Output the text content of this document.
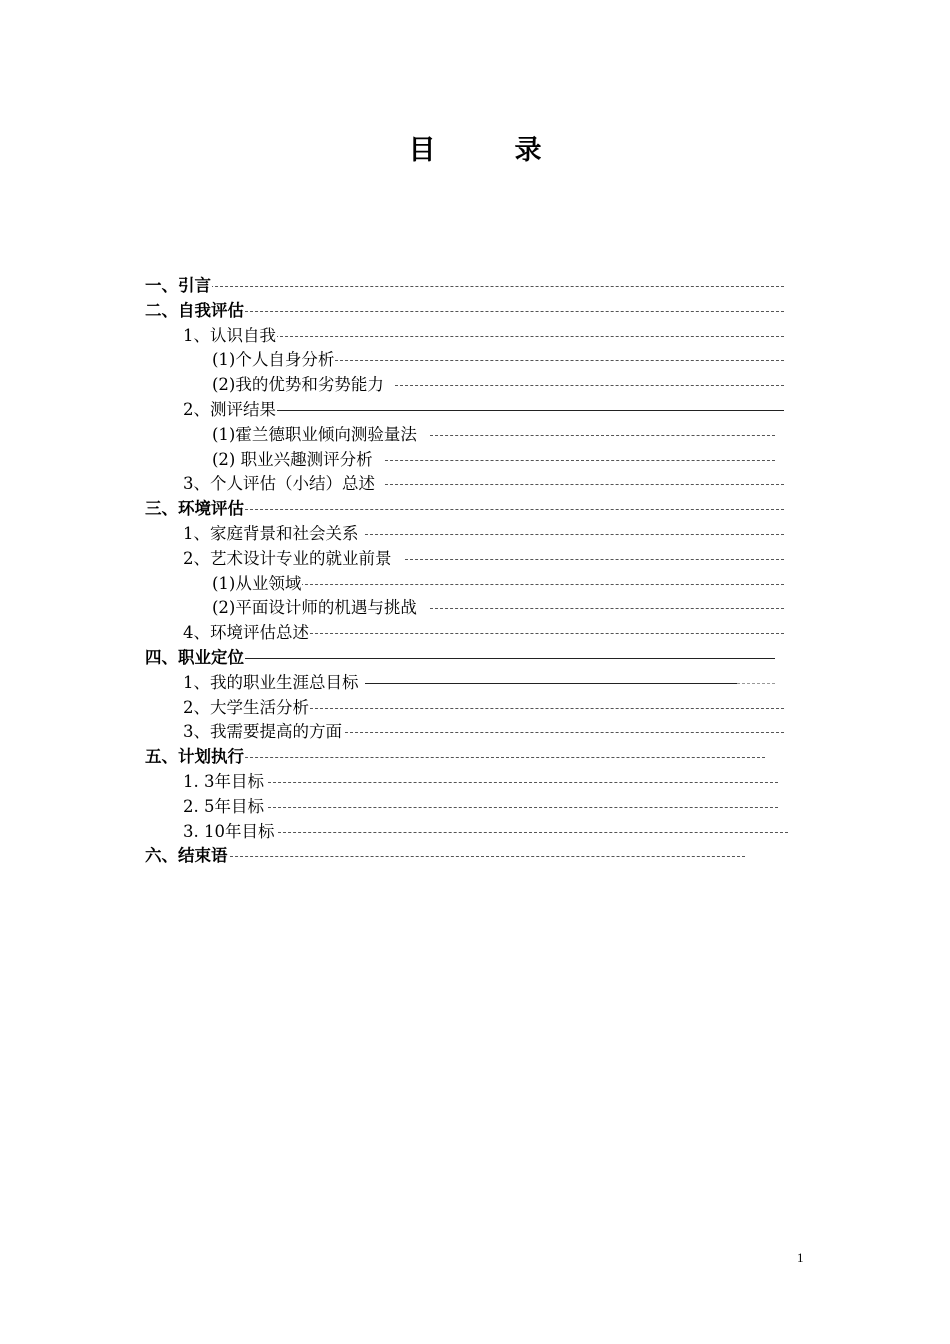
目　录
一、引言
二、自我评估
1、认识自我
(1)个人自身分析
(2)我的优势和劣势能力
2、测评结果
(1)霍兰德职业倾向测验量法
(2) 职业兴趣测评分析
3、个人评估（小结）总述
三、环境评估
1、家庭背景和社会关系
2、艺术设计专业的就业前景
(1)从业领域
(2)平面设计师的机遇与挑战
4、环境评估总述
四、职业定位
1、我的职业生涯总目标
2、大学生活分析
3、我需要提高的方面
五、计划执行
1. 3年目标
2. 5年目标
3. 10年目标
六、结束语
1
